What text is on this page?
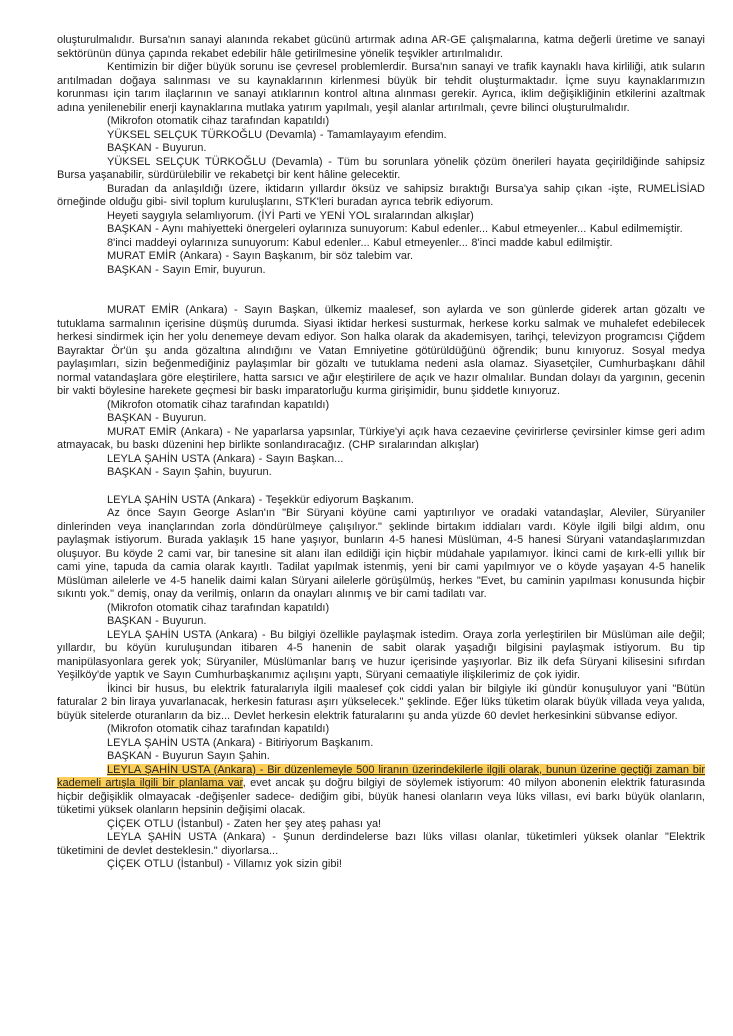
oluşturulmalıdır. Bursa'nın sanayi alanında rekabet gücünü artırmak adına AR-GE çalışmalarına, katma değerli üretime ve sanayi sektörünün dünya çapında rekabet edebilir hâle getirilmesine yönelik teşvikler artırılmalıdır.

Kentimizin bir diğer büyük sorunu ise çevresel problemlerdir. Bursa'nın sanayi ve trafik kaynaklı hava kirliliği, atık suların arıtılmadan doğaya salınması ve su kaynaklarının kirlenmesi büyük bir tehdit oluşturmaktadır. İçme suyu kaynaklarımızın korunması için tarım ilaçlarının ve sanayi atıklarının kontrol altına alınması gerekir. Ayrıca, iklim değişikliğinin etkilerini azaltmak adına yenilenebilir enerji kaynaklarına mutlaka yatırım yapılmalı, yeşil alanlar artırılmalı, çevre bilinci oluşturulmalıdır.

(Mikrofon otomatik cihaz tarafından kapatıldı)

YÜKSEL SELÇUK TÜRKOĞLU (Devamla) - Tamamlayayım efendim.

BAŞKAN - Buyurun.

YÜKSEL SELÇUK TÜRKOĞLU (Devamla) - Tüm bu sorunlara yönelik çözüm önerileri hayata geçirildiğinde sahipsiz Bursa yaşanabilir, sürdürülebilir ve rekabetçi bir kent hâline gelecektir.

Buradan da anlaşıldığı üzere, iktidarın yıllardır öksüz ve sahipsiz bıraktığı Bursa'ya sahip çıkan -işte, RUMELİSİAD örneğinde olduğu gibi- sivil toplum kuruluşlarını, STK'leri buradan ayrıca tebrik ediyorum.

Heyeti saygıyla selamlıyorum. (İYİ Parti ve YENİ YOL sıralarından alkışlar)

BAŞKAN - Aynı mahiyetteki önergeleri oylarınıza sunuyorum: Kabul edenler... Kabul etmeyenler... Kabul edilmemiştir.

8'inci maddeyi oylarınıza sunuyorum: Kabul edenler... Kabul etmeyenler... 8'inci madde kabul edilmiştir.

MURAT EMİR (Ankara) - Sayın Başkanım, bir söz talebim var.

BAŞKAN - Sayın Emir, buyurun.

MURAT EMİR (Ankara) - Sayın Başkan, ülkemiz maalesef, son aylarda ve son günlerde giderek artan gözaltı ve tutuklama sarmalının içerisine düşmüş durumda. Siyasi iktidar herkesi susturmak, herkese korku salmak ve muhalefet edebilecek herkesi sindirmek için her yolu denemeye devam ediyor. Son halka olarak da akademisyen, tarihçi, televizyon programcısı Çiğdem Bayraktar Ör'ün şu anda gözaltına alındığını ve Vatan Emniyetine götürüldüğünü öğrendik; bunu kınıyoruz. Sosyal medya paylaşımları, sizin beğenmediğiniz paylaşımlar bir gözaltı ve tutuklama nedeni asla olamaz. Siyasetçiler, Cumhurbaşkanı dâhil normal vatandaşlara göre eleştirilere, hatta sarsıcı ve ağır eleştirilere de açık ve hazır olmalılar. Bundan dolayı da yargının, gecenin bir vakti böylesine harekete geçmesi bir baskı imparatorluğu kurma girişimidir, bunu şiddetle kınıyoruz.

(Mikrofon otomatik cihaz tarafından kapatıldı)

BAŞKAN - Buyurun.

MURAT EMİR (Ankara) - Ne yaparlarsa yapsınlar, Türkiye'yi açık hava cezaevine çevirirlerse çevirsinler kimse geri adım atmayacak, bu baskı düzenini hep birlikte sonlandıracağız. (CHP sıralarından alkışlar)

LEYLA ŞAHİN USTA (Ankara) - Sayın Başkan...

BAŞKAN - Sayın Şahin, buyurun.

LEYLA ŞAHİN USTA (Ankara) - Teşekkür ediyorum Başkanım.

Az önce Sayın George Aslan'ın "Bir Süryani köyüne cami yaptırılıyor ve oradaki vatandaşlar, Aleviler, Süryaniler dinlerinden veya inançlarından zorla döndürülmeye çalışılıyor." şeklinde birtakım iddiaları vardı. Köyle ilgili bilgi aldım, onu paylaşmak istiyorum. Burada yaklaşık 15 hane yaşıyor, bunların 4-5 hanesi Müslüman, 4-5 hanesi Süryani vatandaşlarımızdan oluşuyor. Bu köyde 2 cami var, bir tanesine sit alanı ilan edildiği için hiçbir müdahale yapılamıyor. İkinci cami de kırk-elli yıllık bir cami yine, tapuda da camia olarak kayıtlı. Tadilat yapılmak istenmiş, yeni bir cami yapılmıyor ve o köyde yaşayan 4-5 hanelik Müslüman ailelerle ve 4-5 hanelik daimi kalan Süryani ailelerle görüşülmüş, herkes "Evet, bu caminin yapılması konusunda hiçbir sıkıntı yok." demiş, onay da verilmiş, onların da onayları alınmış ve bir cami tadilatı var.

(Mikrofon otomatik cihaz tarafından kapatıldı)

BAŞKAN - Buyurun.

LEYLA ŞAHİN USTA (Ankara) - Bu bilgiyi özellikle paylaşmak istedim. Oraya zorla yerleştirilen bir Müslüman aile değil; yıllardır, bu köyün kuruluşundan itibaren 4-5 hanenin de sabit olarak yaşadığı bilgisini paylaşmak istiyorum. Bu tip manipülasyonlara gerek yok; Süryaniler, Müslümanlar barış ve huzur içerisinde yaşıyorlar. Biz ilk defa Süryani kilisesini sıfırdan Yeşilköy'de yaptık ve Sayın Cumhurbaşkanımız açılışını yaptı, Süryani cemaatiyle ilişkilerimiz de çok iyidir.

İkinci bir husus, bu elektrik faturalarıyla ilgili maalesef çok ciddi yalan bir bilgiyle iki gündür konuşuluyor yani "Bütün faturalar 2 bin liraya yuvarlanacak, herkesin faturası aşırı yükselecek." şeklinde. Eğer lüks tüketim olarak büyük villada veya yalıda, büyük sitelerde oturanların da biz... Devlet herkesin elektrik faturalarını şu anda yüzde 60 devlet herkesinkini sübvanse ediyor.

(Mikrofon otomatik cihaz tarafından kapatıldı)

LEYLA ŞAHİN USTA (Ankara) - Bitiriyorum Başkanım.

BAŞKAN - Buyurun Sayın Şahin.

LEYLA ŞAHİN USTA (Ankara) - Bir düzenlemeyle 500 liranın üzerindekilerle ilgili olarak, bunun üzerine geçtiği zaman bir kademeli artışla ilgili bir planlama var, evet ancak şu doğru bilgiyi de söylemek istiyorum: 40 milyon abonenin elektrik faturasında hiçbir değişiklik olmayacak -değişenler sadece- dediğim gibi, büyük hanesi olanların veya lüks villası, evi barkı büyük olanların, tüketimi yüksek olanların hepsinin değişimi olacak.

ÇİÇEK OTLU (İstanbul) - Zaten her şey ateş pahası ya!

LEYLA ŞAHİN USTA (Ankara) - Şunun derdindelerse bazı lüks villası olanlar, tüketimleri yüksek olanlar "Elektrik tüketimini de devlet desteklesin." diyorlarsa...

ÇİÇEK OTLU (İstanbul) - Villamız yok sizin gibi!
